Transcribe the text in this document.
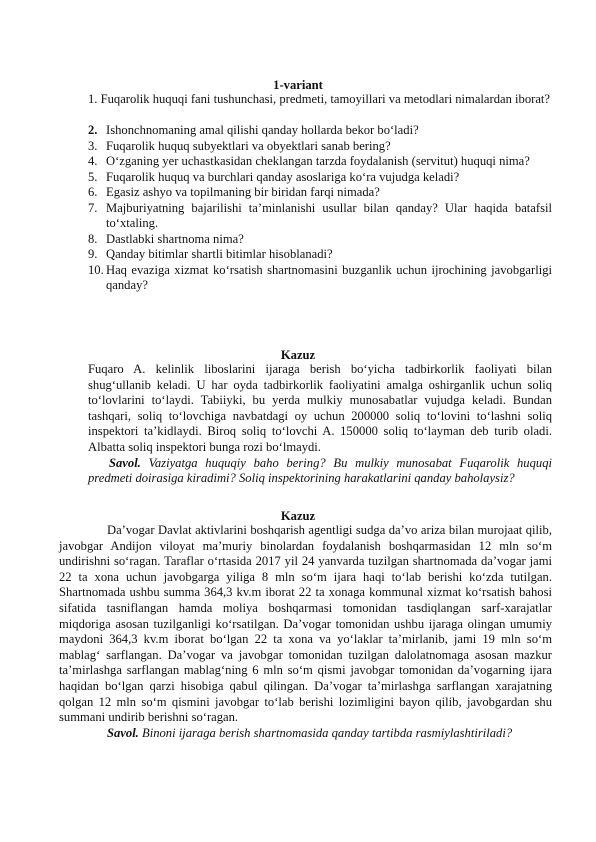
1-variant

1. Fuqarolik huquqi fani tushunchasi, predmeti, tamoyillari va metodlari nimalardan iborat?

2. Ishonchnomaning amal qilishi qanday hollarda bekor bo‘ladi?
3. Fuqarolik huquq subyektlari va obyektlari sanab bering?
4. O‘zganing yer uchastkasidan cheklangan tarzda foydalanish (servitut) huquqi nima?
5. Fuqarolik huquq va burchlari qanday asoslariga ko‘ra vujudga keladi?
6. Egasiz ashyo va topilmaning bir biridan farqi nimada?
7. Majburiyatning bajarilishi ta’minlanishi usullar bilan qanday? Ular haqida batafsil to‘xtaling.
8. Dastlabki shartnoma nima?
9. Qanday bitimlar shartli bitimlar hisoblanadi?
10. Haq evaziga xizmat ko‘rsatish shartnomasini buzganlik uchun ijrochining javobgarligi qanday?
Kazuz

Fuqaro A. kelinlik liboslarini ijaraga berish bo‘yicha tadbirkorlik faoliyati bilan shug‘ullanib keladi. U har oyda tadbirkorlik faoliyatini amalga oshirganlik uchun soliq to‘lovlarini to‘laydi. Tabiiyki, bu yerda mulkiy munosabatlar vujudga keladi. Bundan tashqari, soliq to‘lovchiga navbatdagi oy uchun 200000 soliq to‘lovini to‘lashni soliq inspektori ta’kidlaydi. Biroq soliq to‘lovchi A. 150000 soliq to‘layman deb turib oladi. Albatta soliq inspektori bunga rozi bo‘lmaydi.

Savol. Vaziyatga huquqiy baho bering? Bu mulkiy munosabat Fuqarolik huquqi predmeti doirasiga kiradimi? Soliq inspektorining harakatlarini qanday baholaysiz?

Kazuz

Da’vogar Davlat aktivlarini boshqarish agentligi sudga da’vo ariza bilan murojaat qilib, javobgar Andijon viloyat ma’muriy binolardan foydalanish boshqarmasidan 12 mln so‘m undirishni so‘ragan. Taraflar o‘rtasida 2017 yil 24 yanvarda tuzilgan shartnomada da’vogar jami 22 ta xona uchun javobgarga yiliga 8 mln so‘m ijara haqi to‘lab berishi ko‘zda tutilgan. Shartnomada ushbu summa 364,3 kv.m iborat 22 ta xonaga kommunal xizmat ko‘rsatish bahosi sifatida tasniflangan hamda moliya boshqarmasi tomonidan tasdiqlangan sarf-xarajatlar miqdoriga asosan tuzilganligi ko‘rsatilgan. Da’vogar tomonidan ushbu ijaraga olingan umumiy maydoni 364,3 kv.m iborat bo‘lgan 22 ta xona va yo‘laklar ta’mirlanib, jami 19 mln so‘m mablag‘ sarflangan. Da’vogar va javobgar tomonidan tuzilgan dalolatnomaga asosan mazkur ta’mirlashga sarflangan mablag‘ning 6 mln so‘m qismi javobgar tomonidan da’vogarning ijara haqidan bo‘lgan qarzi hisobiga qabul qilingan. Da’vogar ta’mirlashga sarflangan xarajatning qolgan 12 mln so‘m qismini javobgar to‘lab berishi lozimligini bayon qilib, javobgardan shu summani undirib berishni so‘ragan.

Savol. Binoni ijaraga berish shartnomasida qanday tartibda rasmiylashtiriladi?
